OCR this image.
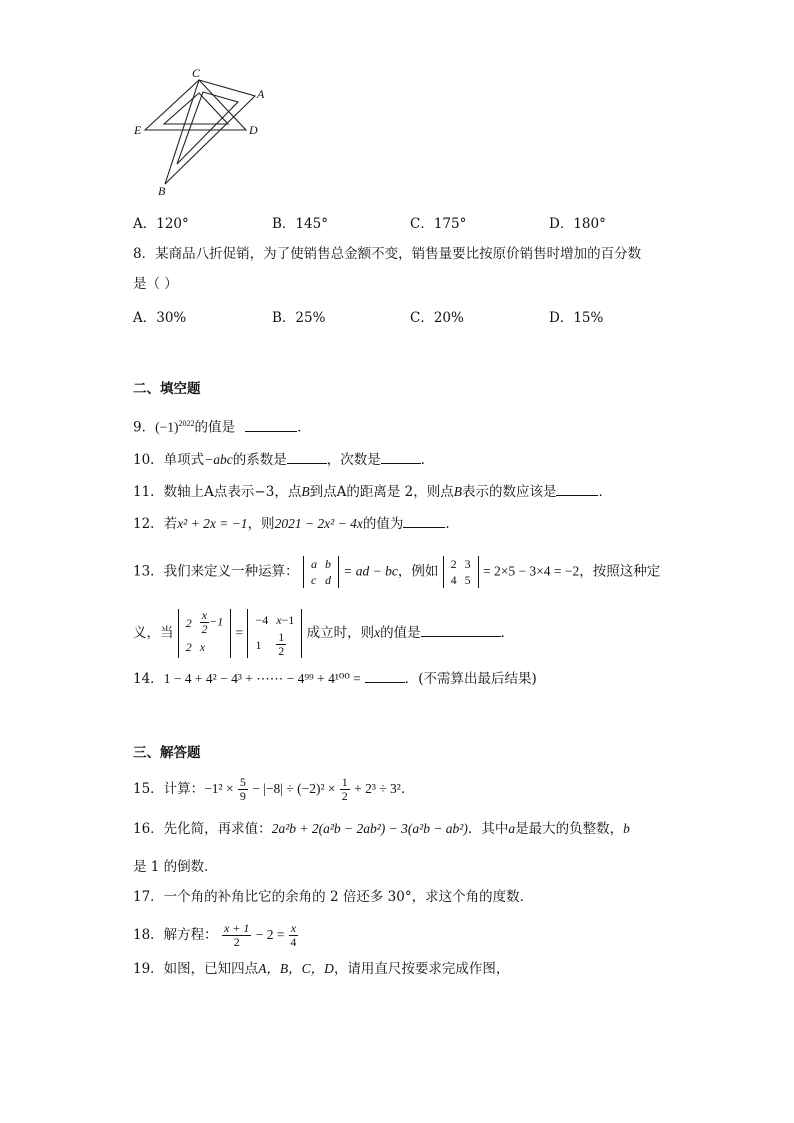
C
A
E	D
B
A．120°	B．145°	C．175°	D．180°
8．某商品八折促销，为了使销售总金额不变，销售量要比按原价销售时增加的百分数
是（ ）
A．30%	B．25%	C．20%	D．15%
二、填空题
9．$(-1)^{2022}$的值是	．
10．单项式−abc的系数是	，次数是	．
11．数轴上A点表示−3，点B到点A的距离是 2，则点B表示的数应该是	．
12．若x² + 2x = −1，则2021 − 2x² − 4x的值为	．
13．我们来定义一种运算： a	b
c	d
= ad − bc，例如 2	3
4	5
= 2×5 − 3×4 = −2，按照这种定
义，当
2	$\frac{x}{2} -1$
2	x
=
−4	x−1
1	$\frac{1}{2}$ 成立时，则x的值是	．
14．1 − 4 + 4² − 4³ + ⋯⋯ − 4⁹⁹ + 4¹⁰⁰ =	．(不需算出最后结果)
三、解答题
15．计算：$-1^2 \times \frac{5}{9} - |-8| \div (-2)^2 \times \frac{1}{2} + 2^3 \div 3^2$．
16．先化简，再求值：2a²b + 2(a²b − 2ab²) − 3(a²b − ab²)．其中a是最大的负整数，b
是 1 的倒数．
17．一个角的补角比它的余角的 2 倍还多 30°，求这个角的度数．
18．解方程： $\frac{x + 1}{2} - 2 = \frac{x}{4}$
19．如图，已知四点A，B，C，D，请用直尺按要求完成作图，
